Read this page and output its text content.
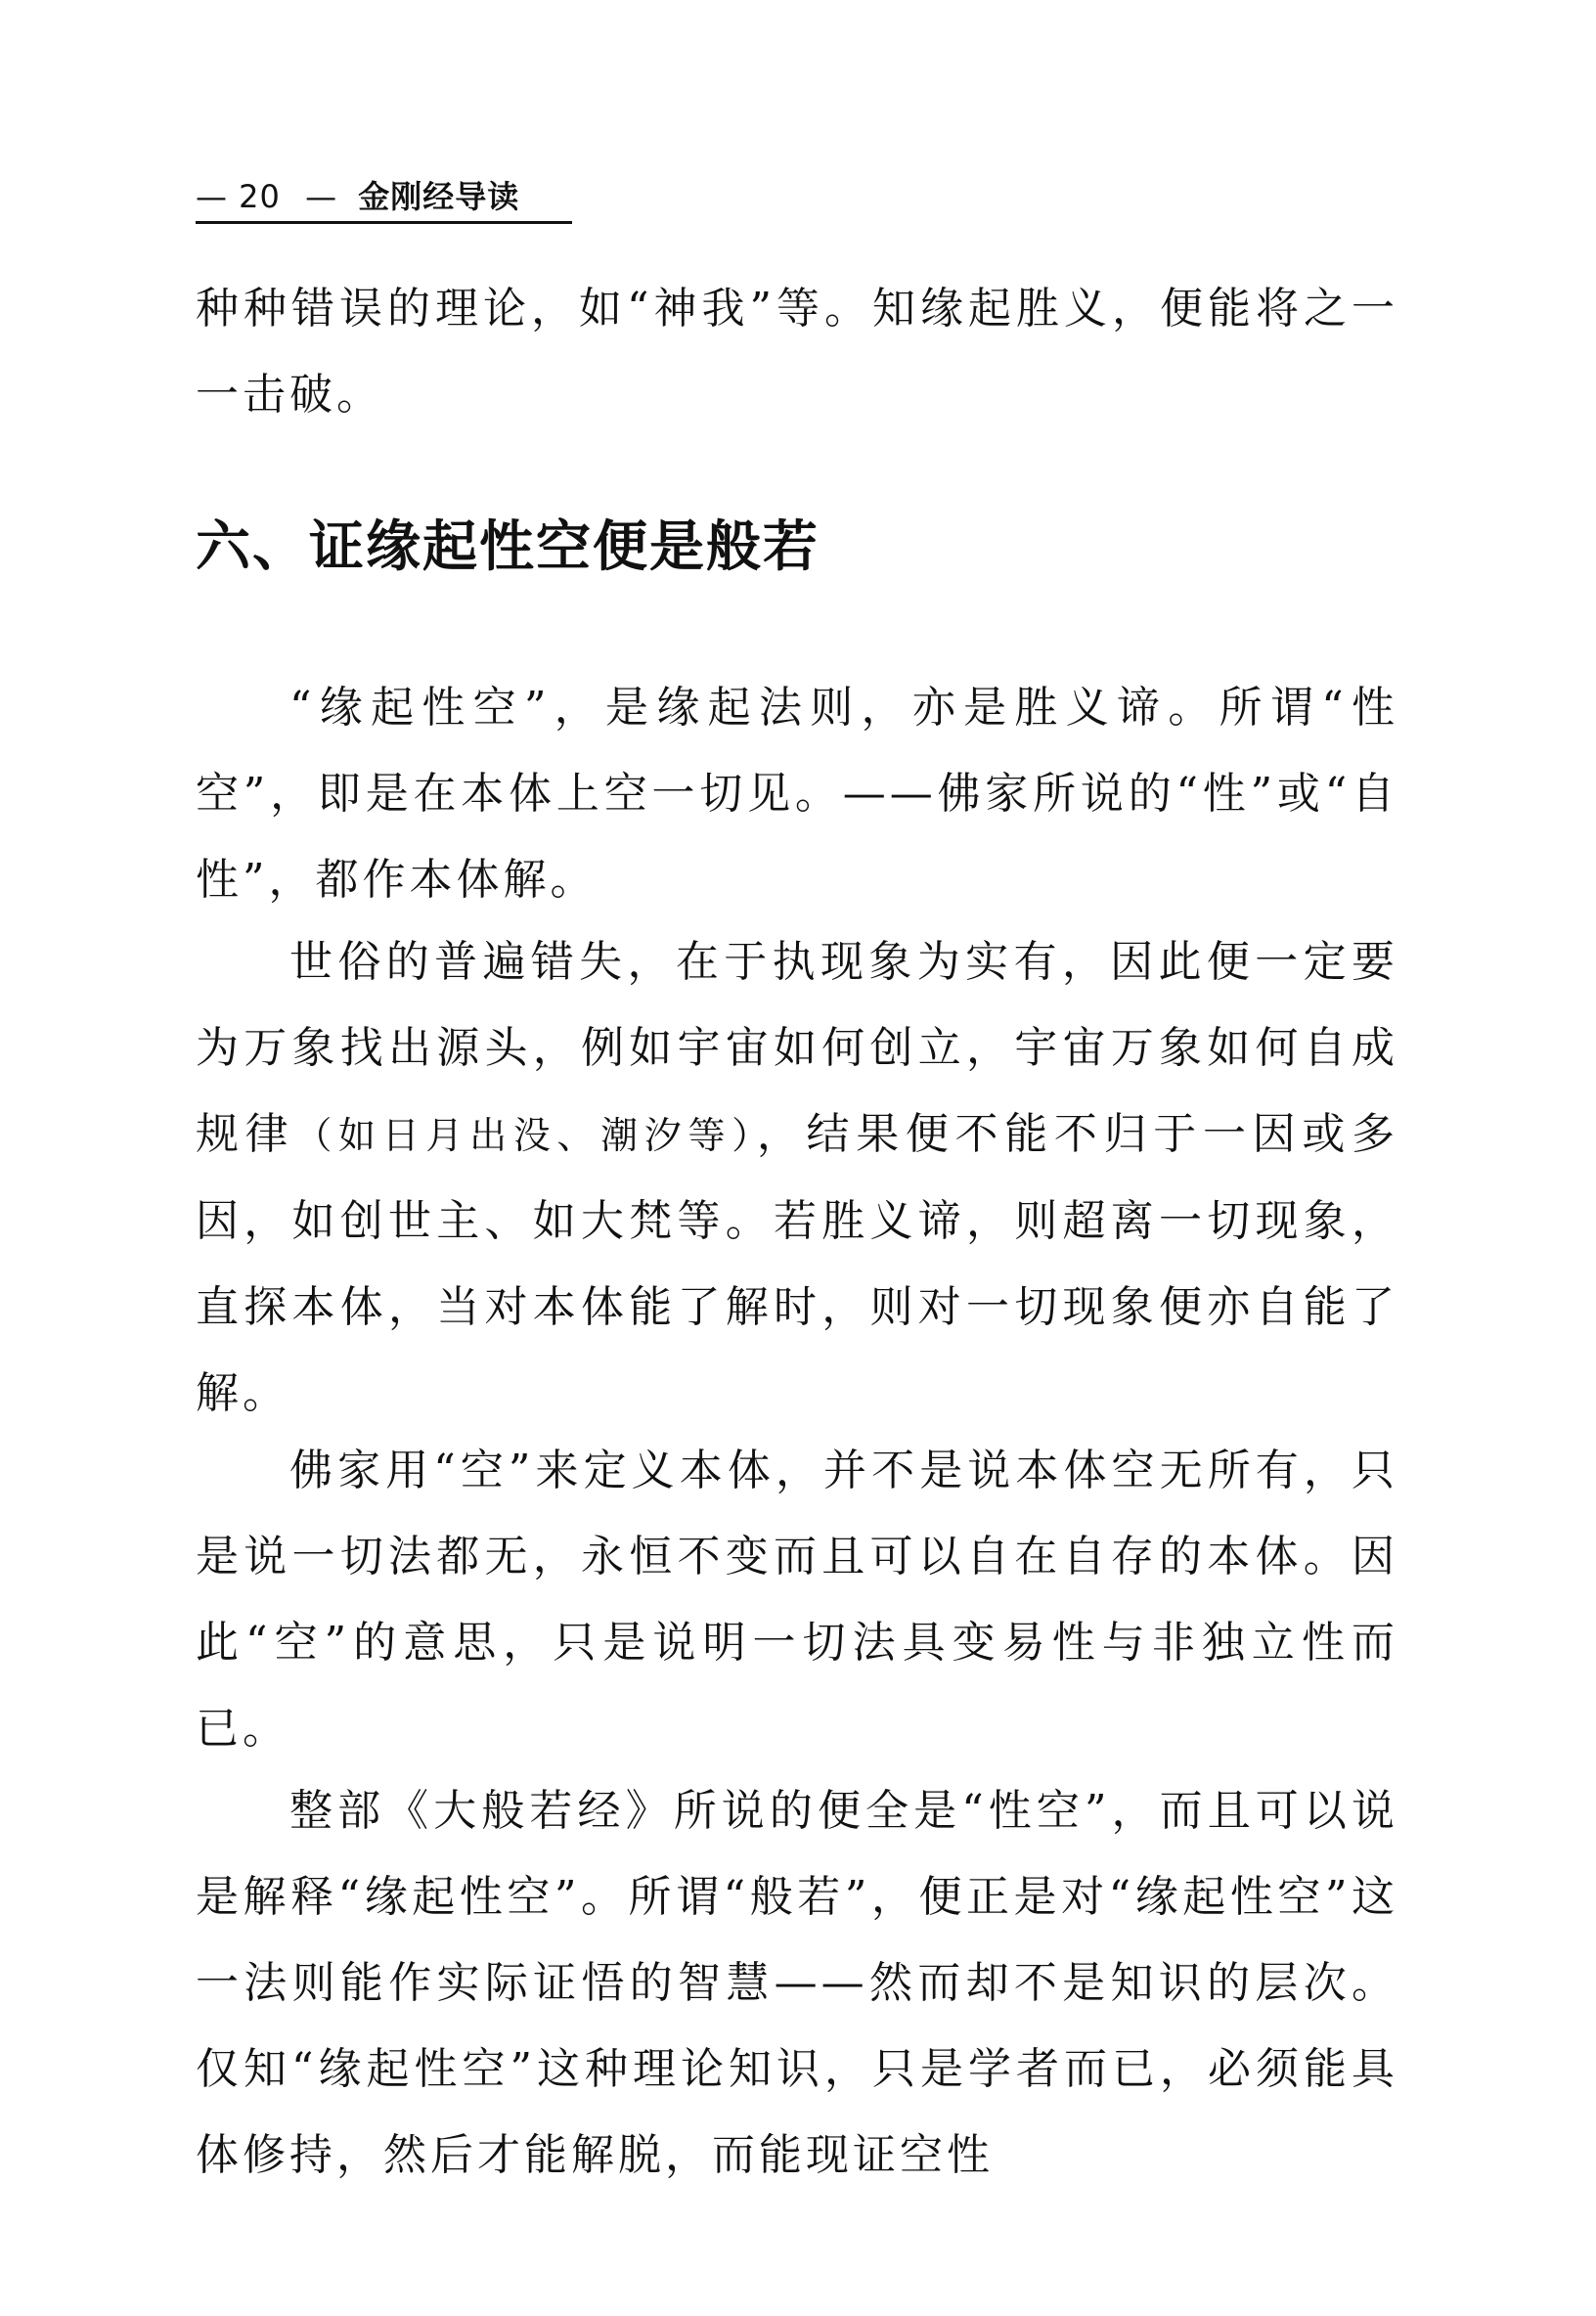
— 20 — 金刚经导读

种种错误的理论，如“神我”等。知缘起胜义，便能将之一一击破。

六、证缘起性空便是般若

“缘起性空”，是缘起法则，亦是胜义谛。所谓“性空”，即是在本体上空一切见。——佛家所说的“性”或“自性”，都作本体解。

世俗的普遍错失，在于执现象为实有，因此便一定要为万象找出源头，例如宇宙如何创立，宇宙万象如何自成规律（如日月出没、潮汐等），结果便不能不归于一因或多因，如创世主、如大梵等。若胜义谛，则超离一切现象，直探本体，当对本体能了解时，则对一切现象便亦自能了解。

佛家用“空”来定义本体，并不是说本体空无所有，只是说一切法都无，永恒不变而且可以自在自存的本体。因此“空”的意思，只是说明一切法具变易性与非独立性而已。

整部《大般若经》所说的便全是“性空”，而且可以说是解释“缘起性空”。所谓“般若”，便正是对“缘起性空”这一法则能作实际证悟的智慧——然而却不是知识的层次。仅知“缘起性空”这种理论知识，只是学者而已，必须能具体修持，然后才能解脱，而能现证空性
